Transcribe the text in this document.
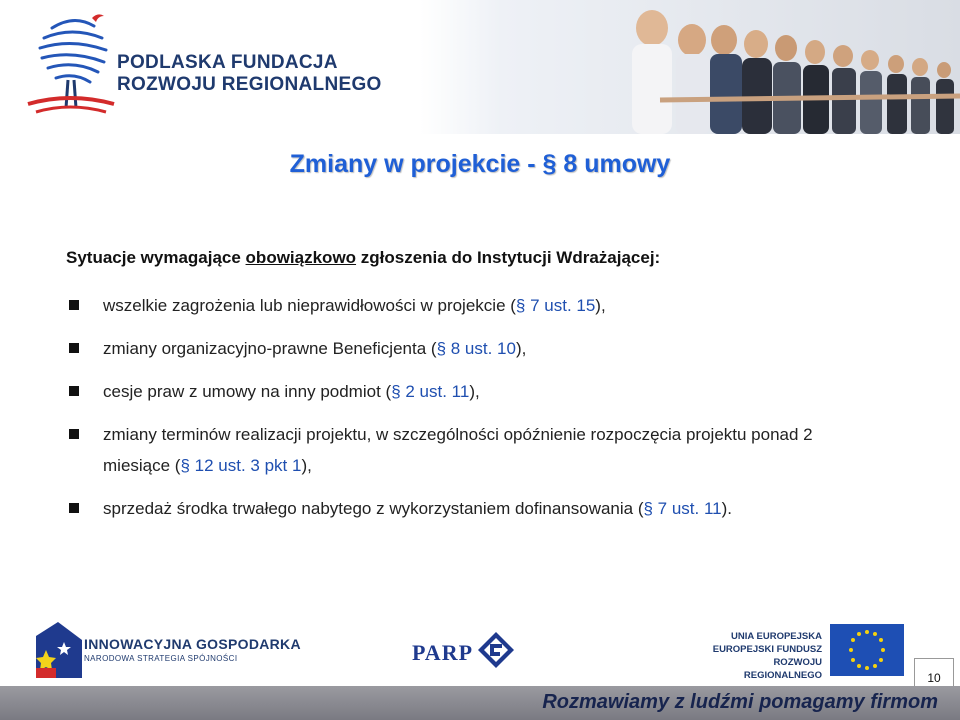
PODLASKA FUNDACJA
ROZWOJU REGIONALNEGO
Zmiany w projekcie - § 8 umowy
Sytuacje wymagające obowiązkowo zgłoszenia do Instytucji Wdrażającej:
wszelkie zagrożenia lub nieprawidłowości w projekcie (§ 7 ust. 15),
zmiany organizacyjno-prawne Beneficjenta (§ 8 ust. 10),
cesje praw z umowy na inny podmiot (§ 2 ust. 11),
zmiany terminów realizacji projektu, w szczególności opóźnienie rozpoczęcia projektu ponad 2 miesiące (§ 12 ust. 3 pkt 1),
sprzedaż środka trwałego nabytego z wykorzystaniem dofinansowania (§ 7 ust. 11).
INNOWACYJNA GOSPODARKA
NARODOWA STRATEGIA SPÓJNOŚCI	PARP
UNIA EUROPEJSKA
EUROPEJSKI FUNDUSZ
ROZWOJU REGIONALNEGO	10
Rozmawiamy z ludźmi pomagamy firmom
